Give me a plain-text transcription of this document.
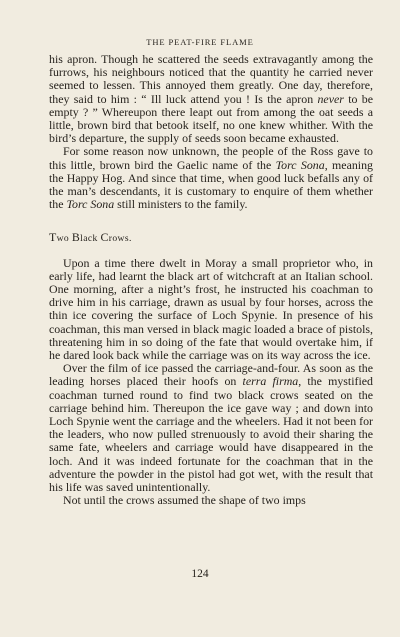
THE PEAT-FIRE FLAME

his apron. Though he scattered the seeds extravagantly among the furrows, his neighbours noticed that the quantity he carried never seemed to lessen. This annoyed them greatly. One day, therefore, they said to him : “ Ill luck attend you ! Is the apron never to be empty ? ” Whereupon there leapt out from among the oat seeds a little, brown bird that betook itself, no one knew whither. With the bird’s departure, the supply of seeds soon became exhausted.

For some reason now unknown, the people of the Ross gave to this little, brown bird the Gaelic name of the Torc Sona, meaning the Happy Hog. And since that time, when good luck befalls any of the man’s descendants, it is customary to enquire of them whether the Torc Sona still ministers to the family.

Two Black Crows.

Upon a time there dwelt in Moray a small proprietor who, in early life, had learnt the black art of witchcraft at an Italian school. One morning, after a night’s frost, he instructed his coachman to drive him in his carriage, drawn as usual by four horses, across the thin ice covering the surface of Loch Spynie. In presence of his coachman, this man versed in black magic loaded a brace of pistols, threatening him in so doing of the fate that would overtake him, if he dared look back while the carriage was on its way across the ice.

Over the film of ice passed the carriage-and-four. As soon as the leading horses placed their hoofs on terra firma, the mystified coachman turned round to find two black crows seated on the carriage behind him. Thereupon the ice gave way ; and down into Loch Spynie went the carriage and the wheelers. Had it not been for the leaders, who now pulled strenuously to avoid their sharing the same fate, wheelers and carriage would have disappeared in the loch. And it was indeed fortunate for the coachman that in the adventure the powder in the pistol had got wet, with the result that his life was saved unintentionally.

Not until the crows assumed the shape of two imps

124
